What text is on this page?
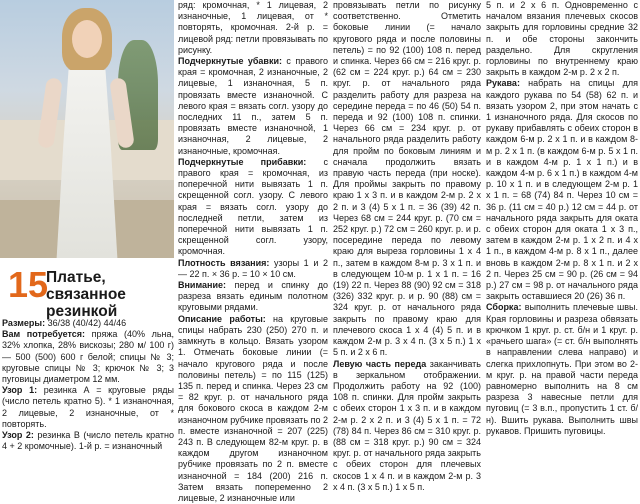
15
Платье,
связанное
резинкой

Размеры: 36/38 (40/42) 44/46

Вам потребуется: пряжа (40% льна, 32% хлопка, 28% вискозы; 280 м/ 100 г) — 500 (500) 600 г белой; спицы № 3; круговые спицы № 3; крючок № 3; 3 пуговицы диаметром 12 мм.

Узор 1: резинка А = круговые ряды (число петель кратно 5). * 1 изнаночная, 2 лицевые, 2 изнаночные, от * повторять.

Узор 2: резинка В (число петель кратно 4 + 2 кромочные). 1-й р. = изнаночный

ряд: кромочная, * 1 лицевая, 2 изнаночные, 1 лицевая, от * повторять, кромочная. 2-й р. = лицевой ряд: петли провязывать по рисунку.

Подчеркнутые убавки: с правого края = кромочная, 2 изнаночные, 2 лицевые, 1 изнаночная, 5 п. провязать вместе изнаночной. С левого края = вязать согл. узору до последних 11 п., затем 5 п. провязать вместе изнаночной, 1 изнаночная, 2 лицевые, 2 изнаночные, кромочная.

Подчеркнутые прибавки: с правого края = кромочная, из поперечной нити вывязать 1 п. скрещенной согл. узору. С левого края = вязать согл. узору до последней петли, затем из поперечной нити вывязать 1 п. скрещенной согл. узору, кромочная.

Плотность вязания: узоры 1 и 2 — 22 п. × 36 р. = 10 × 10 см.

Внимание: перед и спинку до разреза вязать единым полотном круговыми рядами.

Описание работы: на круговые спицы набрать 230 (250) 270 п. и замкнуть в кольцо. Вязать узором 1. Отмечать боковые линии (= начало кругового ряда и после половины петель) = по 115 (125) 135 п. перед и спинка. Через 23 см = 82 круг. р. от начального ряда для бокового скоса в каждом 2-м изнаночном рубчике провязать по 2 п. вместе изнаночной = 207 (225) 243 п. В следующем 82-м круг. р. в каждом другом изнаночном рубчике провязать по 2 п. вместе изнаночной = 184 (200) 216 п. Затем вязать попеременно 2 лицевые, 2 изнаночные или

провязывать петли по рисунку соответственно. Отметить боковые линии (= начало кругового ряда и после половины петель) = по 92 (100) 108 п. перед и спинка. Через 66 см = 216 круг. р. (62 см = 224 круг. р.) 64 см = 230 круг. р. от начального ряда разделить работу для разреза на середине переда = по 46 (50) 54 п. переда и 92 (100) 108 п. спинки. Через 66 см = 234 круг. р. от начального ряда разделить работу для пройм по боковым линиям и сначала продолжить вязать правую часть переда (при носке). Для проймы закрыть по правому краю 1 х 3 п. и в каждом 2-м р. 2 х 2 п. и 3 (4) 5 х 1 п. = 36 (39) 42 п. Через 68 см = 244 круг. р. (70 см = 252 круг. р.) 72 см = 260 круг. р. и р. посередине переда по левому краю для выреза горловины 1 х 4 п., затем в каждом 8-м р. 3 х 1 п. и в следующем 10-м р. 1 х 1 п. = 16 (19) 22 п. Через 88 (90) 92 см = 318 (326) 332 круг. р. и р. 90 (88) см = 324 круг. р. от начального ряда закрыть по правому краю для плечевого скоса 1 х 4 (4) 5 п. и в каждом 2-м р. 3 х 4 п. (3 х 5 п.) 1 х 5 п. и 2 х 6 п.

Левую часть переда заканчивать в зеркальном отображении. Продолжить работу на 92 (100) 108 п. спинки. Для пройм закрыть с обеих сторон 1 х 3 п. и в каждом 2-м р. 2 х 2 п. и 3 (4) 5 х 1 п. = 72 (78) 84 п. Через 86 см = 310 круг. р. (88 см = 318 круг. р.) 90 см = 324 круг. р. от начального ряда закрыть с обеих сторон для плечевых скосов 1 х 4 п. и в каждом 2-м р. 3 х 4 п. (3 х 5 п.) 1 х 5 п.

5 п. и 2 х 6 п. Одновременно с началом вязания плечевых скосов закрыть для горловины средние 32 п. и обе стороны закончить раздельно. Для скругления горловины по внутреннему краю закрыть в каждом 2-м р. 2 х 2 п.

Рукава: набрать на спицы для каждого рукава по 54 (58) 62 п. и вязать узором 2, при этом начать с 1 изнаночного ряда. Для скосов по рукаву прибавлять с обеих сторон в каждом 6-м р. 2 х 1 п. и в каждом 8-м р. 2 х 1 п. (в каждом 6-м р. 5 х 1 п. и в каждом 4-м р. 1 х 1 п.) и в каждом 4-м р. 6 х 1 п.) в каждом 4-м р. 10 х 1 п. и в следующем 2-м р. 1 х 1 п. = 68 (74) 84 п. Через 10 см = 36 р. (11 см = 40 р.) 12 см = 44 р. от начального ряда закрыть для оката с обеих сторон для оката 1 х 3 п., затем в каждом 2-м р. 1 х 2 п. и 4 х 1 п., в каждом 4-м р. 8 х 1 п., далее вновь в каждом 2-м р. 8 х 1 п. и 2 х 2 п. Через 25 см = 90 р. (26 см = 94 р.) 27 см = 98 р. от начального ряда закрыть оставшиеся 20 (26) 36 п.

Сборка: выполнить плечевые швы. Края горловины и разреза обвязать крючком 1 круг. р. ст. б/н и 1 круг. р. «рачьего шага» (= ст. б/н выполнять в направлении слева направо) и слегка прихлопнуть. При этом во 2-м круг. р. на правой части переда равномерно выполнить на 8 см разреза 3 навесные петли для пуговиц (= 3 в.п., пропустить 1 ст. б/н). Вшить рукава. Выполнить швы рукавов. Пришить пуговицы.
